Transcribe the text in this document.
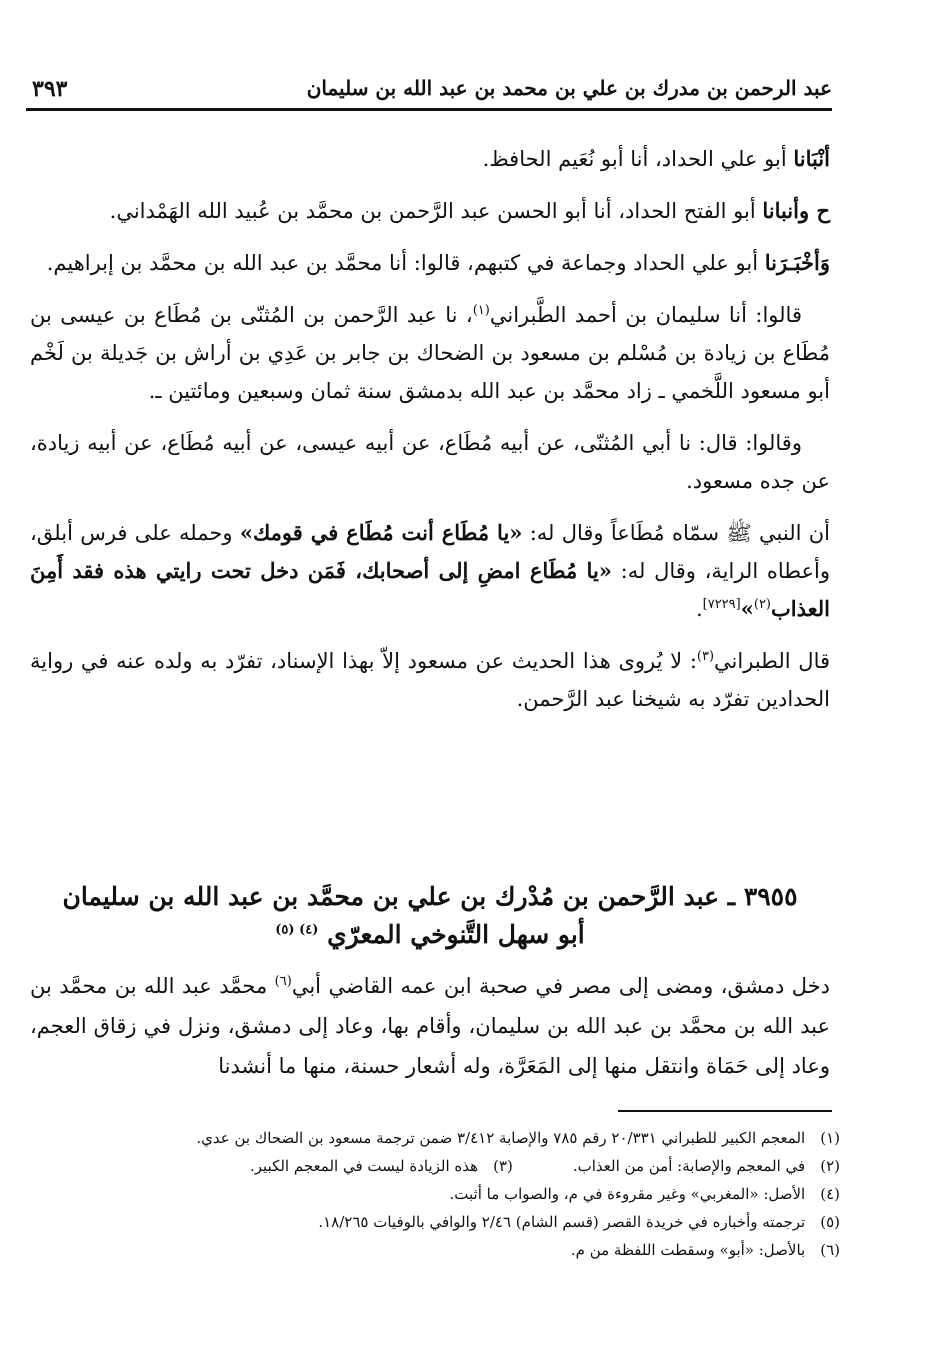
عبد الرحمن بن مدرك بن علي بن محمد بن عبد الله بن سليمان
٣٩٣

أنْبَانا أبو علي الحداد، أنا أبو نُعَيم الحافظ.

ح وأنبانا أبو الفتح الحداد، أنا أبو الحسن عبد الرَّحمن بن محمَّد بن عُبيد الله الهَمْداني.

وَأخْبَـرَنا أبو علي الحداد وجماعة في كتبهم، قالوا: أنا محمَّد بن عبد الله بن محمَّد بن إبراهيم.

قالوا: أنا سليمان بن أحمد الطَّبراني$^{(١)}$، نا عبد الرَّحمن بن المُثنّى بن مُطَاع بن عيسى بن مُطَاع بن زيادة بن مُسْلم بن مسعود بن الضحاك بن جابر بن عَدِي بن أراش بن جَديلة بن لَخْم أبو مسعود اللَّخمي ـ زاد محمَّد بن عبد الله بدمشق سنة ثمان وسبعين ومائتين ـ.

وقالوا: قال: نا أبي المُثنّى، عن أبيه مُطَاع، عن أبيه عيسى، عن أبيه مُطَاع، عن أبيه زيادة، عن جده مسعود.

أن النبي ﷺ سمّاه مُطَاعاً وقال له: «يا مُطَاع أنت مُطَاع في قومك» وحمله على فرس أبلق، وأعطاه الراية، وقال له: «يا مُطَاع امضِ إلى أصحابك، فَمَن دخل تحت رايتي هذه فقد أَمِنَ العذاب$^{(٢)}$»[٧٢٢٩].

قال الطبراني$^{(٣)}$: لا يُروى هذا الحديث عن مسعود إلاّ بهذا الإسناد، تفرّد به ولده عنه في رواية الحدادين تفرّد به شيخنا عبد الرَّحمن.

٣٩٥٥ ـ عبد الرَّحمن بن مُدْرك بن علي بن محمَّد بن عبد الله بن سليمان
أبو سهل التَّنوخي المعرّي $^{(٤) (٥)}$
دخل دمشق، ومضى إلى مصر في صحبة ابن عمه القاضي أبي$^{(٦)}$ محمَّد عبد الله بن محمَّد بن عبد الله بن محمَّد بن عبد الله بن سليمان، وأقام بها، وعاد إلى دمشق، ونزل في زقاق العجم، وعاد إلى حَمَاة وانتقل منها إلى المَعَرَّة، وله أشعار حسنة، منها ما أنشدنا
(١) المعجم الكبير للطبراني ٢٠/٣٣١ رقم ٧٨٥ والإصابة ٣/٤١٢ ضمن ترجمة مسعود بن الضحاك بن عدي.
(٢) في المعجم والإصابة: أمن من العذاب.
(٣) هذه الزيادة ليست في المعجم الكبير.
(٤) الأصل: «المغربي» وغير مقروءة في م، والصواب ما أثبت.
(٥) ترجمته وأخباره في خريدة القصر (قسم الشام) ٢/٤٦ والوافي بالوفيات ١٨/٢٦٥.
(٦) بالأصل: «أبو» وسقطت اللفظة من م.
